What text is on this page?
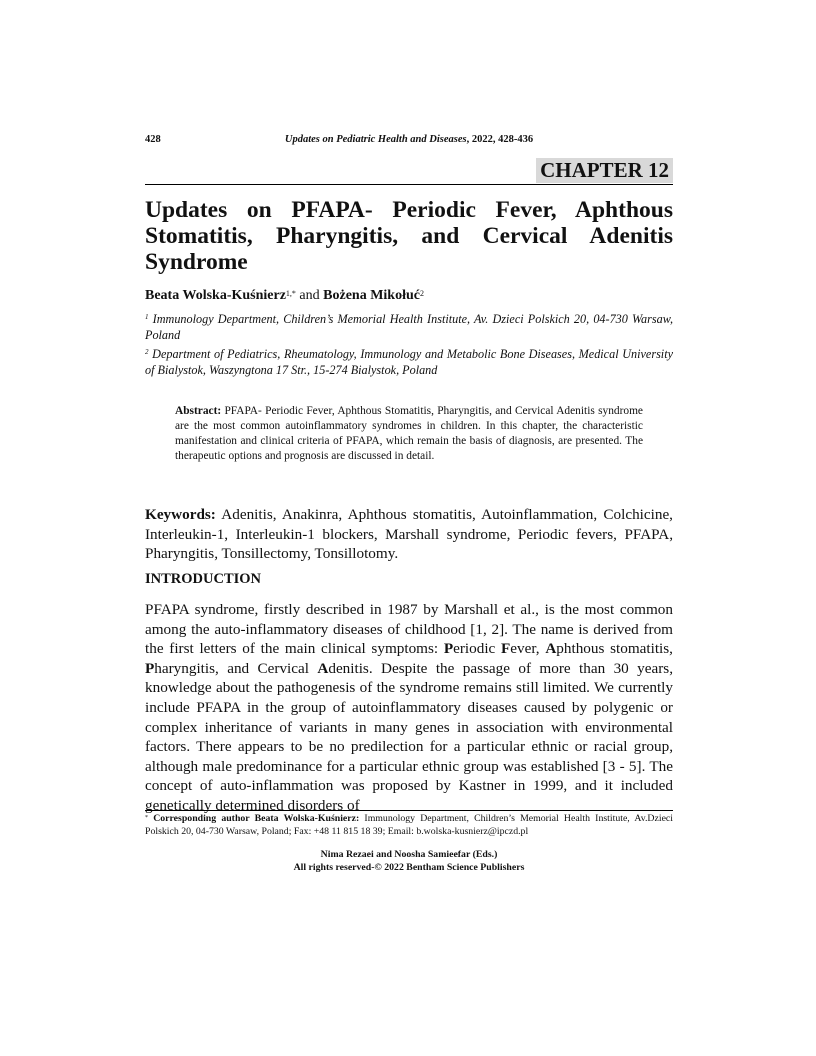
428	Updates on Pediatric Health and Diseases, 2022, 428-436
CHAPTER 12
Updates on PFAPA- Periodic Fever, Aphthous Stomatitis, Pharyngitis, and Cervical Adenitis Syndrome
Beata Wolska-Kuśnierz$^{1,*}$ and Bożena Mikołuć$^2$

$^1$ Immunology Department, Children’s Memorial Health Institute, Av. Dzieci Polskich 20, 04-730 Warsaw, Poland

$^2$ Department of Pediatrics, Rheumatology, Immunology and Metabolic Bone Diseases, Medical University of Bialystok, Waszyngtona 17 Str., 15-274 Bialystok, Poland

Abstract: PFAPA- Periodic Fever, Aphthous Stomatitis, Pharyngitis, and Cervical Adenitis syndrome are the most common autoinflammatory syndromes in children. In this chapter, the characteristic manifestation and clinical criteria of PFAPA, which remain the basis of diagnosis, are presented. The therapeutic options and prognosis are discussed in detail.

Keywords: Adenitis, Anakinra, Aphthous stomatitis, Autoinflammation, Colchicine, Interleukin-1, Interleukin-1 blockers, Marshall syndrome, Periodic fevers, PFAPA, Pharyngitis, Tonsillectomy, Tonsillotomy.

INTRODUCTION

PFAPA syndrome, firstly described in 1987 by Marshall et al., is the most common among the auto-inflammatory diseases of childhood [1, 2]. The name is derived from the first letters of the main clinical symptoms: Periodic Fever, Aphthous stomatitis, Pharyngitis, and Cervical Adenitis. Despite the passage of more than 30 years, knowledge about the pathogenesis of the syndrome remains still limited. We currently include PFAPA in the group of autoinflammatory diseases caused by polygenic or complex inheritance of variants in many genes in association with environmental factors. There appears to be no predilection for a particular ethnic or racial group, although male predominance for a particular ethnic group was established [3 - 5]. The concept of auto-inflammation was proposed by Kastner in 1999, and it included genetically determined disorders of

* Corresponding author Beata Wolska-Kuśnierz: Immunology Department, Children’s Memorial Health Institute, Av.Dzieci Polskich 20, 04-730 Warsaw, Poland; Fax: +48 11 815 18 39; Email: b.wolska-kusnierz@ipczd.pl

Nima Rezaei and Noosha Samieefar (Eds.)
All rights reserved-© 2022 Bentham Science Publishers
